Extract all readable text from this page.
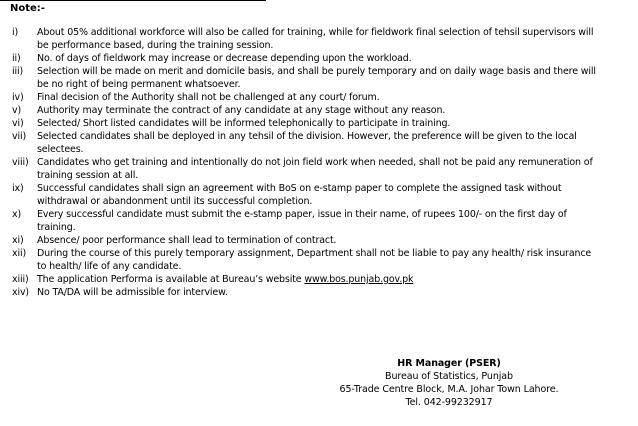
Note:-
i)	About 05% additional workforce will also be called for training, while for fieldwork final selection of tehsil supervisors will be performance based, during the training session.
ii)	No. of days of fieldwork may increase or decrease depending upon the workload.
iii)	Selection will be made on merit and domicile basis, and shall be purely temporary and on daily wage basis and there will be no right of being permanent whatsoever.
iv)	Final decision of the Authority shall not be challenged at any court/ forum.
v)	Authority may terminate the contract of any candidate at any stage without any reason.
vi)	Selected/ Short listed candidates will be informed telephonically to participate in training.
vii)	Selected candidates shall be deployed in any tehsil of the division. However, the preference will be given to the local selectees.
viii) Candidates who get training and intentionally do not join field work when needed, shall not be paid any remuneration of training session at all.
ix)	Successful candidates shall sign an agreement with BoS on e-stamp paper to complete the assigned task without withdrawal or abandonment until its successful completion.
x)	Every successful candidate must submit the e-stamp paper, issue in their name, of rupees 100/- on the first day of training.
xi)	Absence/ poor performance shall lead to termination of contract.
xii)	During the course of this purely temporary assignment, Department shall not be liable to pay any health/ risk insurance to health/ life of any candidate.
xiii) The application Performa is available at Bureau’s website www.bos.punjab.gov.pk
xiv) No TA/DA will be admissible for interview.
HR Manager (PSER)
Bureau of Statistics, Punjab
65-Trade Centre Block, M.A. Johar Town Lahore.
Tel. 042-99232917
